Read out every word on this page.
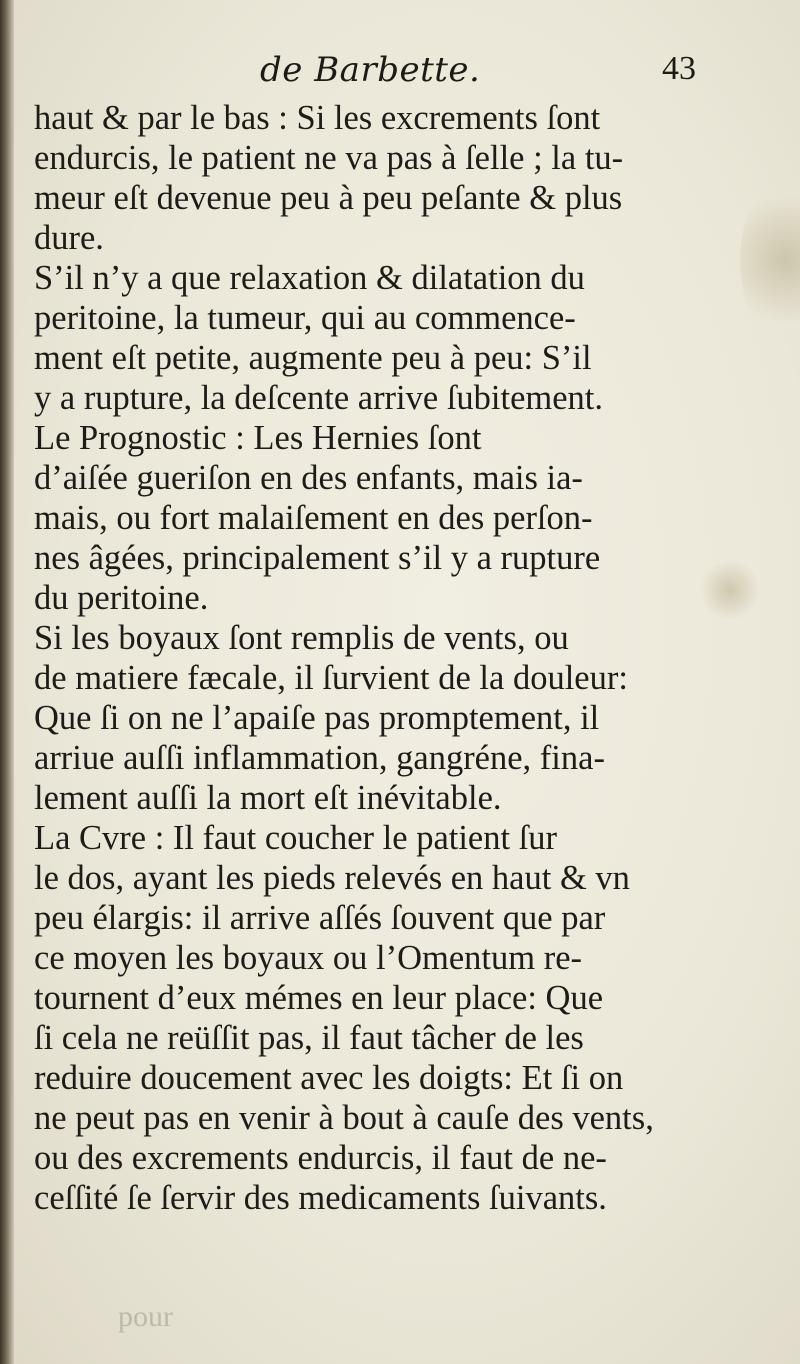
de Barbette.	43

haut & par le bas : Si les excrements ſont

endurcis, le patient ne va pas à ſelle ; la tu-

meur eſt devenue peu à peu peſante & plus

dure.

S’il n’y a que relaxation & dilatation du

peritoine, la tumeur, qui au commence-

ment eſt petite, augmente peu à peu: S’il

y a rupture, la deſcente arrive ſubitement.

Le Prognostic : Les Hernies ſont

d’aiſée gueriſon en des enfants, mais ia-

mais, ou fort malaiſement en des perſon-

nes âgées, principalement s’il y a rupture

du peritoine.

Si les boyaux ſont remplis de vents, ou

de matiere fæcale, il ſurvient de la douleur:

Que ſi on ne l’apaiſe pas promptement, il

arriue auſſi inflammation, gangréne, fina-

lement auſſi la mort eſt inévitable.

La Cvre : Il faut coucher le patient ſur

le dos, ayant les pieds relevés en haut & vn

peu élargis: il arrive aſſés ſouvent que par

ce moyen les boyaux ou l’Omentum re-

tournent d’eux mémes en leur place: Que

ſi cela ne reüſſit pas, il faut tâcher de les

reduire doucement avec les doigts: Et ſi on

ne peut pas en venir à bout à cauſe des vents,

ou des excrements endurcis, il faut de ne-

ceſſité ſe ſervir des medicaments ſuivants.

pour
